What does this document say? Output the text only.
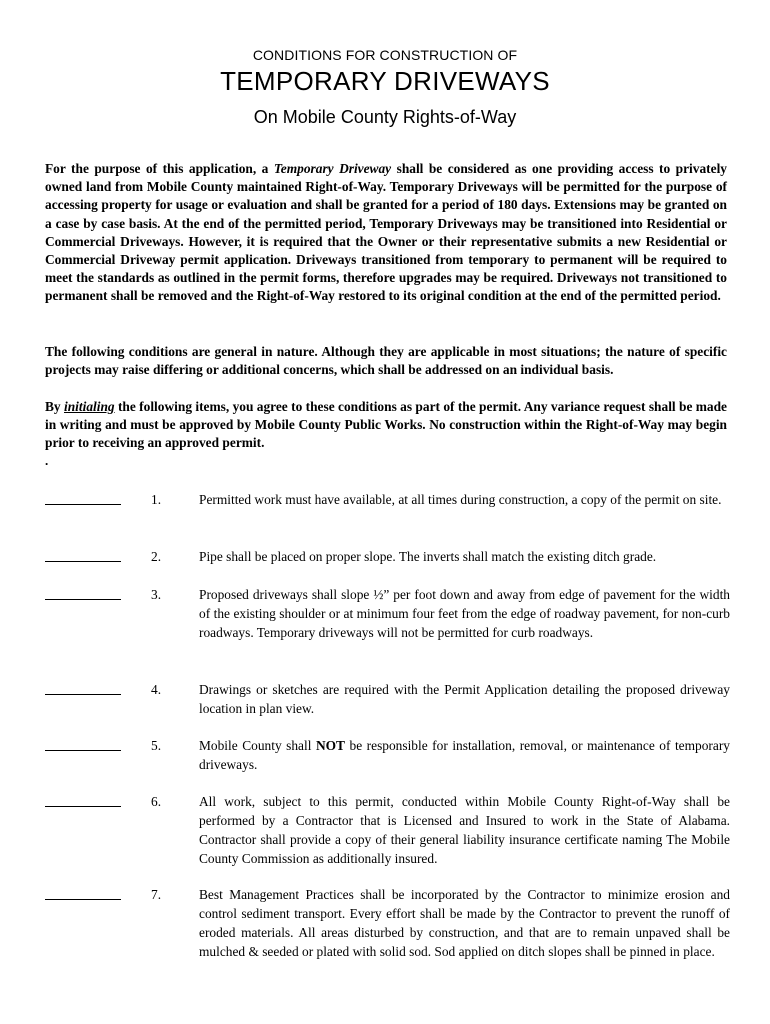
CONDITIONS FOR CONSTRUCTION OF
TEMPORARY DRIVEWAYS
On Mobile County Rights-of-Way

For the purpose of this application, a Temporary Driveway shall be considered as one providing access to privately owned land from Mobile County maintained Right-of-Way. Temporary Driveways will be permitted for the purpose of accessing property for usage or evaluation and shall be granted for a period of 180 days. Extensions may be granted on a case by case basis. At the end of the permitted period, Temporary Driveways may be transitioned into Residential or Commercial Driveways. However, it is required that the Owner or their representative submits a new Residential or Commercial Driveway permit application. Driveways transitioned from temporary to permanent will be required to meet the standards as outlined in the permit forms, therefore upgrades may be required. Driveways not transitioned to permanent shall be removed and the Right-of-Way restored to its original condition at the end of the permitted period.

The following conditions are general in nature. Although they are applicable in most situations; the nature of specific projects may raise differing or additional concerns, which shall be addressed on an individual basis.

By initialing the following items, you agree to these conditions as part of the permit. Any variance request shall be made in writing and must be approved by Mobile County Public Works. No construction within the Right-of-Way may begin prior to receiving an approved permit.

.
1.	Permitted work must have available, at all times during construction, a copy of the permit on site.
2.	Pipe shall be placed on proper slope. The inverts shall match the existing ditch grade.
3.	Proposed driveways shall slope ½” per foot down and away from edge of pavement for the width of the existing shoulder or at minimum four feet from the edge of roadway pavement, for non-curb roadways. Temporary driveways will not be permitted for curb roadways.
4.	Drawings or sketches are required with the Permit Application detailing the proposed driveway location in plan view.
5.	Mobile County shall NOT be responsible for installation, removal, or maintenance of temporary driveways.
6.	All work, subject to this permit, conducted within Mobile County Right-of-Way shall be performed by a Contractor that is Licensed and Insured to work in the State of Alabama. Contractor shall provide a copy of their general liability insurance certificate naming The Mobile County Commission as additionally insured.
7.	Best Management Practices shall be incorporated by the Contractor to minimize erosion and control sediment transport. Every effort shall be made by the Contractor to prevent the runoff of eroded materials. All areas disturbed by construction, and that are to remain unpaved shall be mulched & seeded or plated with solid sod. Sod applied on ditch slopes shall be pinned in place.
